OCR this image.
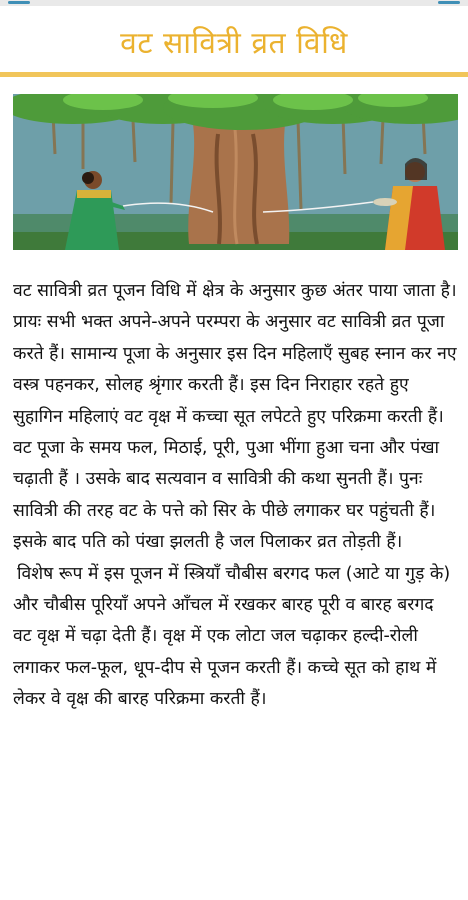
वट सावित्री व्रत विधि

वट सावित्री व्रत पूजन विधि में क्षेत्र के अनुसार कुछ अंतर पाया जाता है। प्रायः सभी भक्त अपने-अपने परम्परा के अनुसार वट सावित्री व्रत पूजा करते हैं। सामान्य पूजा के अनुसार इस दिन महिलाएँ सुबह स्नान कर नए वस्त्र पहनकर, सोलह श्रृंगार करती हैं। इस दिन निराहार रहते हुए सुहागिन महिलाएं वट वृक्ष में कच्चा सूत लपेटते हुए परिक्रमा करती हैं। वट पूजा के समय फल, मिठाई, पूरी, पुआ भींगा हुआ चना और पंखा चढ़ाती हैं । उसके बाद सत्यवान व सावित्री की कथा सुनती हैं। पुनः सावित्री की तरह वट के पत्ते को सिर के पीछे लगाकर घर पहुंचती हैं। इसके बाद पति को पंखा झलती है जल पिलाकर व्रत तोड़ती हैं।

विशेष रूप में इस पूजन में स्त्रियाँ चौबीस बरगद फल (आटे या गुड़ के) और चौबीस पूरियाँ अपने आँचल में रखकर बारह पूरी व बारह बरगद वट वृक्ष में चढ़ा देती हैं। वृक्ष में एक लोटा जल चढ़ाकर हल्दी-रोली लगाकर फल-फूल, धूप-दीप से पूजन करती हैं। कच्चे सूत को हाथ में लेकर वे वृक्ष की बारह परिक्रमा करती हैं।
